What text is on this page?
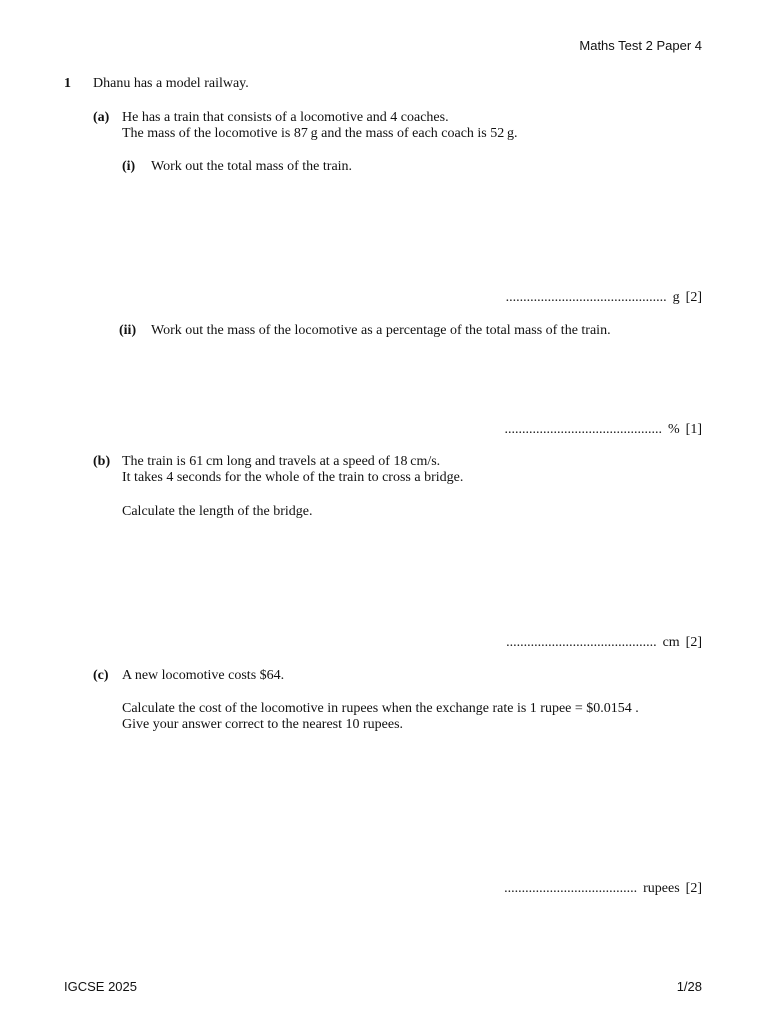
Maths Test 2 Paper 4
1 Dhanu has a model railway.
(a) He has a train that consists of a locomotive and 4 coaches.
The mass of the locomotive is 87 g and the mass of each coach is 52 g.
(i) Work out the total mass of the train.
.............................................. g [2]
(ii) Work out the mass of the locomotive as a percentage of the total mass of the train.
............................................. % [1]
(b) The train is 61 cm long and travels at a speed of 18 cm/s.
It takes 4 seconds for the whole of the train to cross a bridge.
Calculate the length of the bridge.
........................................... cm [2]
(c) A new locomotive costs $64.
Calculate the cost of the locomotive in rupees when the exchange rate is 1 rupee = $0.0154 .
Give your answer correct to the nearest 10 rupees.
...................................... rupees [2]
IGCSE 2025	1/28
